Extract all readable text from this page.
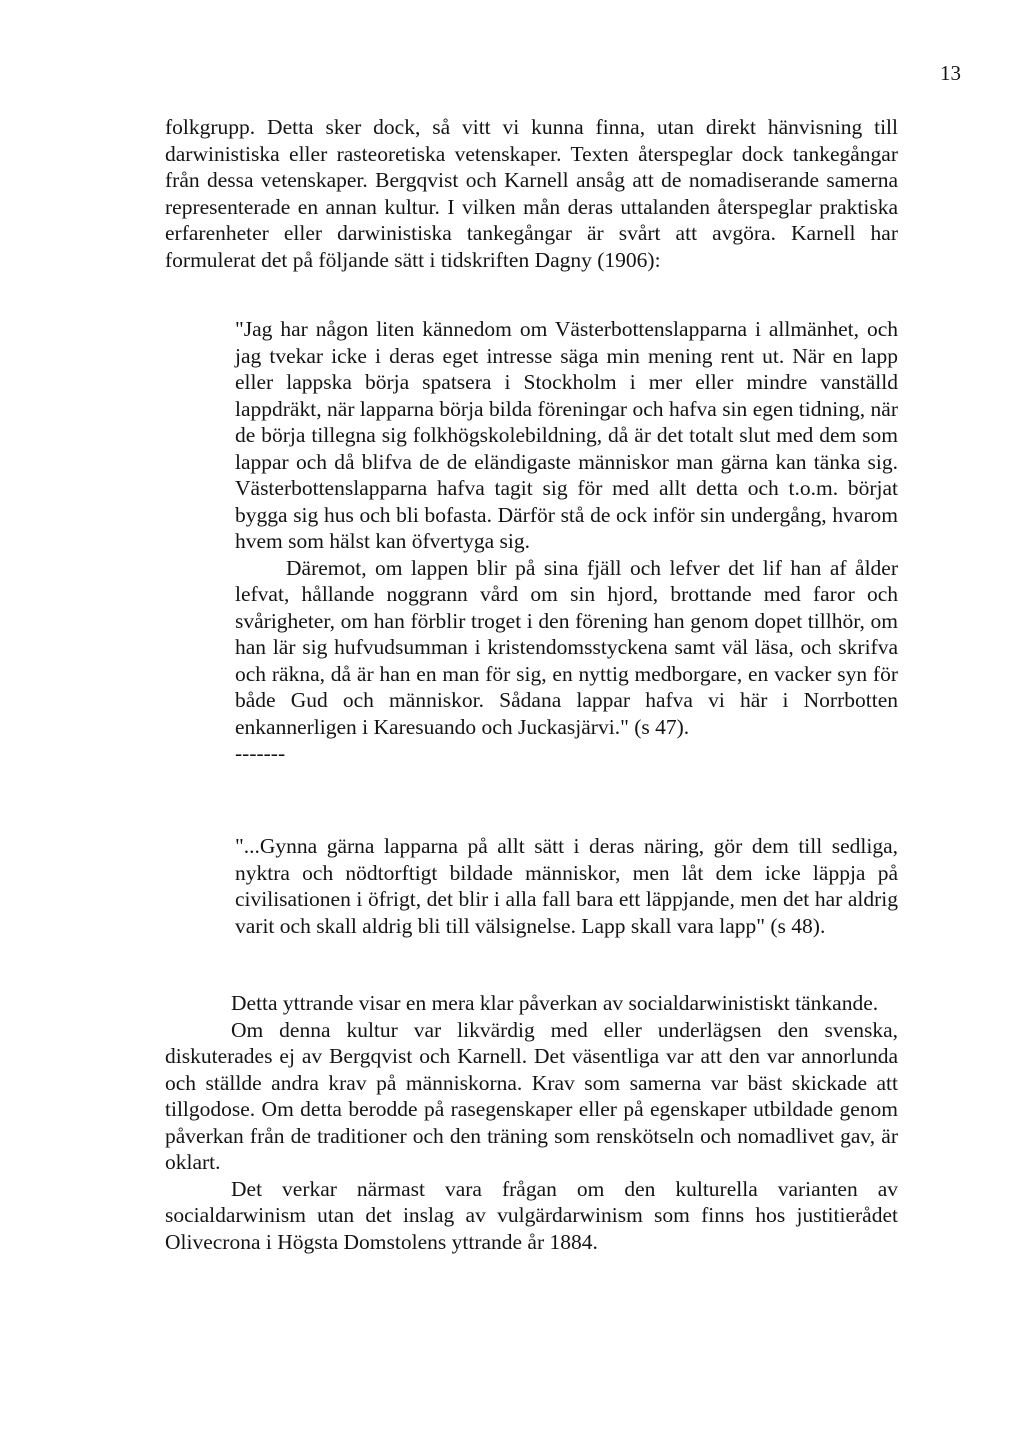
13

folkgrupp. Detta sker dock, så vitt vi kunna finna, utan direkt hänvisning till darwinistiska eller rasteoretiska vetenskaper. Texten återspeglar dock tankegångar från dessa vetenskaper. Bergqvist och Karnell ansåg att de nomadiserande samerna representerade en annan kultur. I vilken mån deras uttalanden återspeglar praktiska erfarenheter eller darwinistiska tankegångar är svårt att avgöra. Karnell har formulerat det på följande sätt i tidskriften Dagny (1906):

"Jag har någon liten kännedom om Västerbottenslapparna i allmänhet, och jag tvekar icke i deras eget intresse säga min mening rent ut. När en lapp eller lappska börja spatsera i Stockholm i mer eller mindre vanställd lappdräkt, när lapparna börja bilda föreningar och hafva sin egen tidning, när de börja tillegna sig folkhögskolebildning, då är det totalt slut med dem som lappar och då blifva de de eländigaste människor man gärna kan tänka sig. Västerbottenslapparna hafva tagit sig för med allt detta och t.o.m. börjat bygga sig hus och bli bofasta. Därför stå de ock inför sin undergång, hvarom hvem som hälst kan öfvertyga sig.

Däremot, om lappen blir på sina fjäll och lefver det lif han af ålder lefvat, hållande noggrann vård om sin hjord, brottande med faror och svårigheter, om han förblir troget i den förening han genom dopet tillhör, om han lär sig hufvudsumman i kristendomsstyckena samt väl läsa, och skrifva och räkna, då är han en man för sig, en nyttig medborgare, en vacker syn för både Gud och människor. Sådana lappar hafva vi här i Norrbotten enkannerligen i Karesuando och Juckasjärvi." (s 47).

-------

"...Gynna gärna lapparna på allt sätt i deras näring, gör dem till sedliga, nyktra och nödtorftigt bildade människor, men låt dem icke läppja på civilisationen i öfrigt, det blir i alla fall bara ett läppjande, men det har aldrig varit och skall aldrig bli till välsignelse. Lapp skall vara lapp" (s 48).

Detta yttrande visar en mera klar påverkan av socialdarwinistiskt tänkande.

Om denna kultur var likvärdig med eller underlägsen den svenska, diskuterades ej av Bergqvist och Karnell. Det väsentliga var att den var annorlunda och ställde andra krav på människorna. Krav som samerna var bäst skickade att tillgodose. Om detta berodde på rasegenskaper eller på egenskaper utbildade genom påverkan från de traditioner och den träning som renskötseln och nomadlivet gav, är oklart.

Det verkar närmast vara frågan om den kulturella varianten av socialdarwinism utan det inslag av vulgärdarwinism som finns hos justitierådet Olivecrona i Högsta Domstolens yttrande år 1884.
